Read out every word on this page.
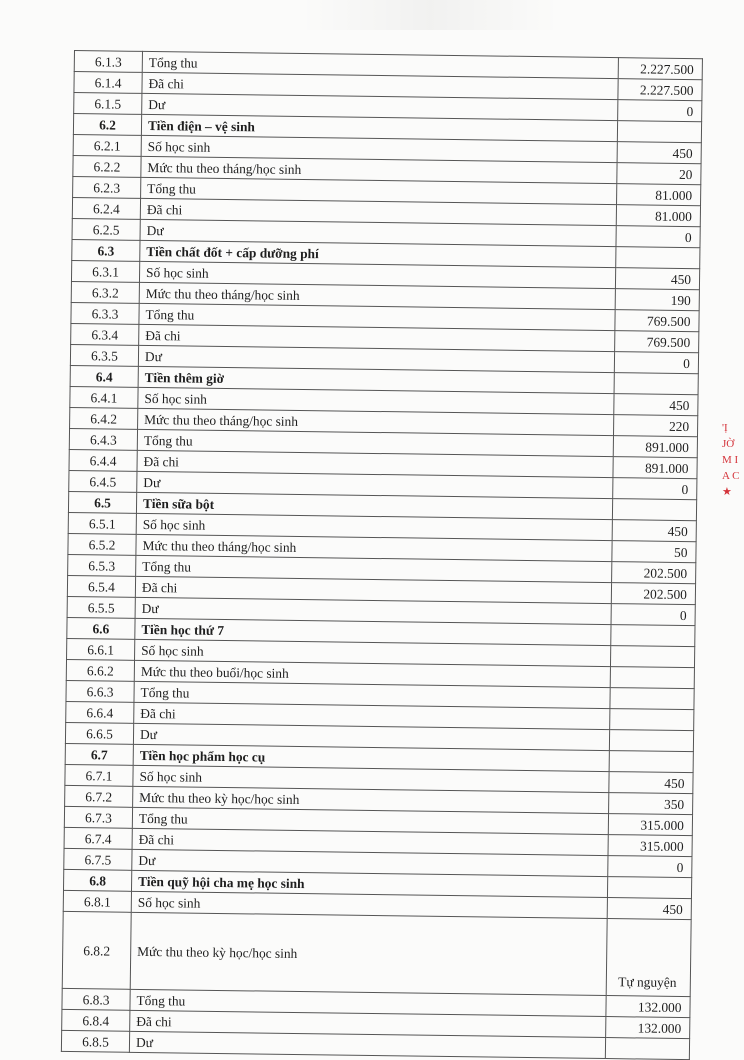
6.1.3	Tổng thu	2.227.500

6.1.4	Đã chi	2.227.500

6.1.5	Dư	0

6.2	Tiền điện – vệ sinh	

6.2.1	Số học sinh	450

6.2.2	Mức thu theo tháng/học sinh	20

6.2.3	Tổng thu	81.000

6.2.4	Đã chi	81.000

6.2.5	Dư	0

6.3	Tiền chất đốt + cấp dưỡng phí	

6.3.1	Số học sinh	450

6.3.2	Mức thu theo tháng/học sinh	190

6.3.3	Tổng thu	769.500

6.3.4	Đã chi	769.500

6.3.5	Dư	0

6.4	Tiền thêm giờ	

6.4.1	Số học sinh	450

6.4.2	Mức thu theo tháng/học sinh	220

6.4.3	Tổng thu	891.000

6.4.4	Đã chi	891.000

6.4.5	Dư	0

6.5	Tiền sữa bột	

6.5.1	Số học sinh	450

6.5.2	Mức thu theo tháng/học sinh	50

6.5.3	Tổng thu	202.500

6.5.4	Đã chi	202.500

6.5.5	Dư	0

6.6	Tiền học thứ 7	

6.6.1	Số học sinh	

6.6.2	Mức thu theo buổi/học sinh	

6.6.3	Tổng thu	

6.6.4	Đã chi	

6.6.5	Dư	

6.7	Tiền học phẩm học cụ	

6.7.1	Số học sinh	450

6.7.2	Mức thu theo kỳ học/học sinh	350

6.7.3	Tổng thu	315.000

6.7.4	Đã chi	315.000

6.7.5	Dư	0

6.8	Tiền quỹ hội cha mẹ học sinh	

6.8.1	Số học sinh	450

6.8.2	Mức thu theo kỳ học/học sinh	Tự nguyện

6.8.3	Tổng thu	132.000

6.8.4	Đã chi	132.000

6.8.5	Dư	
'Ị
JỜ
M I
A C
★
